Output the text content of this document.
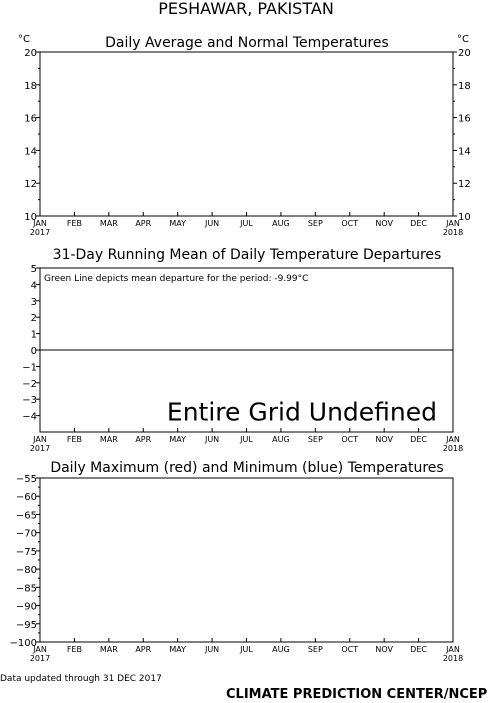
PESHAWAR, PAKISTAN
°C	°C
Data updated through 31 DEC 2017
CLIMATE PREDICTION CENTER/NCEP
Daily Average and Normal Temperatures
10	10
12	12
14	14
16	16
18	18
20	20
JAN FEB MAR APR MAY JUN	JUL AUG SEP OCT NOV DEC JAN
2017	2018
31-Day Running Mean of Daily Temperature Departures
−4
−3
−2
−1
0
1
2
3
4
5
JAN FEB MAR APR MAY JUN	JUL AUG SEP OCT NOV DEC JAN
2017	2018
Green Line depicts mean departure for the period: -9.99°C
Entire Grid Undefined
Daily Maximum (red) and Minimum (blue) Temperatures
−100
−95
−90
−85
−80
−75
−70
−65
−60
−55
JAN FEB MAR APR MAY JUN	JUL AUG SEP OCT NOV DEC JAN
2017	2018
